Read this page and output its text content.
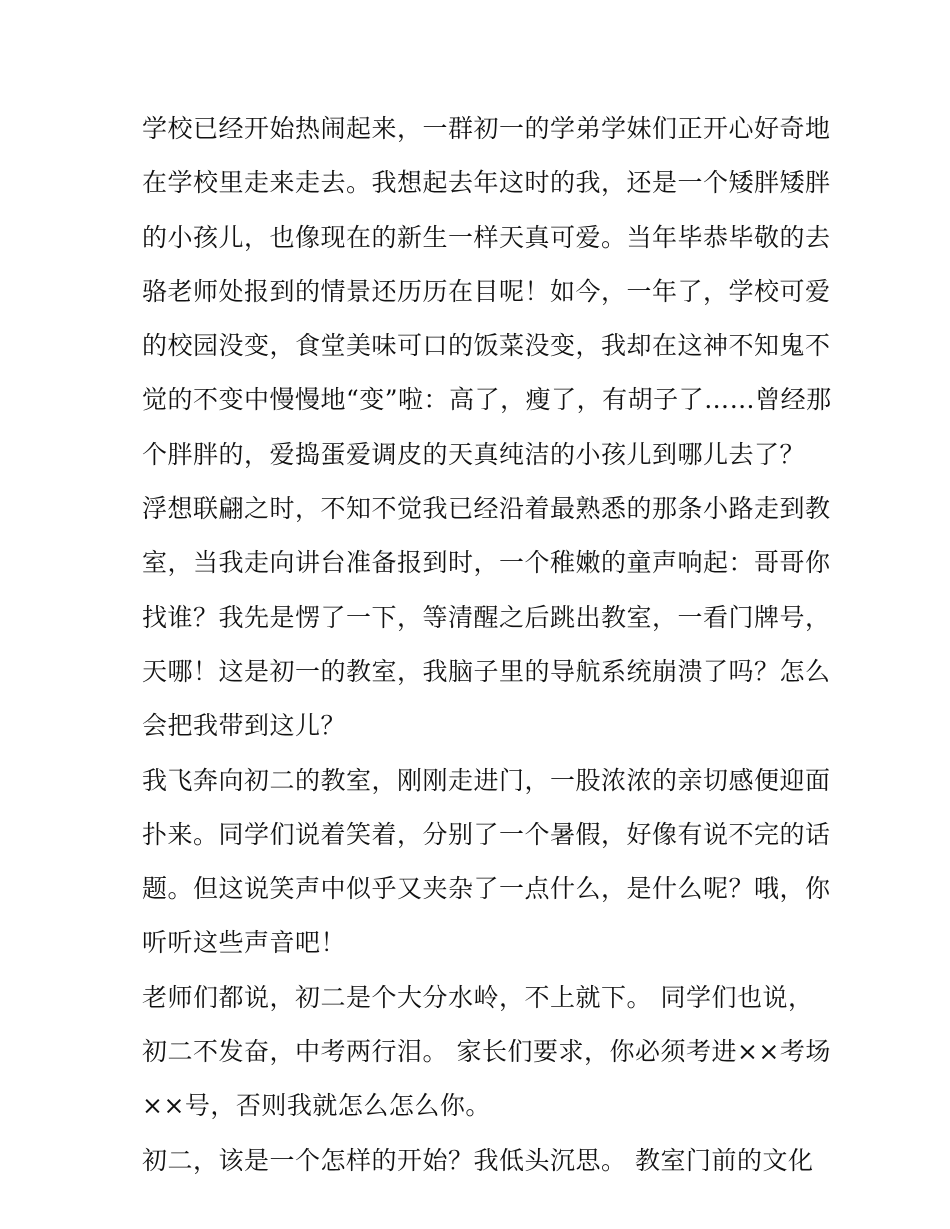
学校已经开始热闹起来，一群初一的学弟学妹们正开心好奇地
在学校里走来走去。我想起去年这时的我，还是一个矮胖矮胖
的小孩儿，也像现在的新生一样天真可爱。当年毕恭毕敬的去
骆老师处报到的情景还历历在目呢！如今，一年了，学校可爱
的校园没变，食堂美味可口的饭菜没变，我却在这神不知鬼不
觉的不变中慢慢地“变”啦：高了，瘦了，有胡子了……曾经那
个胖胖的，爱捣蛋爱调皮的天真纯洁的小孩儿到哪儿去了？
浮想联翩之时，不知不觉我已经沿着最熟悉的那条小路走到教
室，当我走向讲台准备报到时，一个稚嫩的童声响起：哥哥你
找谁？我先是愣了一下，等清醒之后跳出教室，一看门牌号，
天哪！这是初一的教室，我脑子里的导航系统崩溃了吗？怎么
会把我带到这儿？
我飞奔向初二的教室，刚刚走进门，一股浓浓的亲切感便迎面
扑来。同学们说着笑着，分别了一个暑假，好像有说不完的话
题。但这说笑声中似乎又夹杂了一点什么，是什么呢？哦，你
听听这些声音吧！
老师们都说，初二是个大分水岭，不上就下。 同学们也说，
初二不发奋，中考两行泪。 家长们要求，你必须考进××考场
××号，否则我就怎么怎么你。
初二，该是一个怎样的开始？我低头沉思。 教室门前的文化
